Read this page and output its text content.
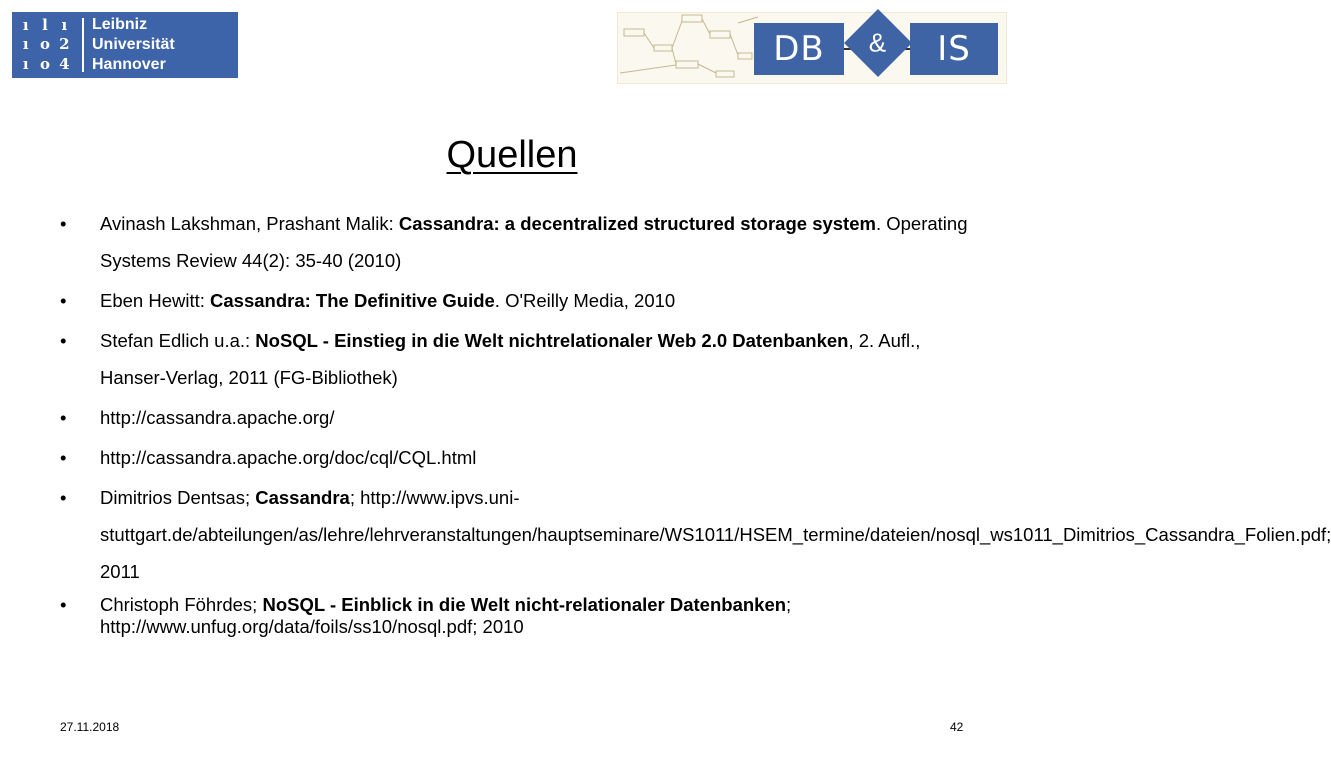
ı l ı
ı o 2
ı o 4
Leibniz
Universität
Hannover	DB	&	IS
Quellen
• Avinash Lakshman, Prashant Malik: Cassandra: a decentralized structured storage system. Operating Systems Review 44(2): 35-40 (2010)
• Eben Hewitt: Cassandra: The Definitive Guide. O'Reilly Media, 2010
• Stefan Edlich u.a.: NoSQL - Einstieg in die Welt nichtrelationaler Web 2.0 Datenbanken, 2. Aufl., Hanser-Verlag, 2011 (FG-Bibliothek)
• http://cassandra.apache.org/
• http://cassandra.apache.org/doc/cql/CQL.html
• Dimitrios Dentsas; Cassandra; http://www.ipvs.uni-stuttgart.de/abteilungen/as/lehre/lehrveranstaltungen/hauptseminare/WS1011/HSEM_termine/dateien/nosql_ws1011_Dimitrios_Cassandra_Folien.pdf; 2011
• Christoph Föhrdes; NoSQL - Einblick in die Welt nicht-relationaler Datenbanken; http://www.unfug.org/data/foils/ss10/nosql.pdf; 2010
27.11.2018	42
